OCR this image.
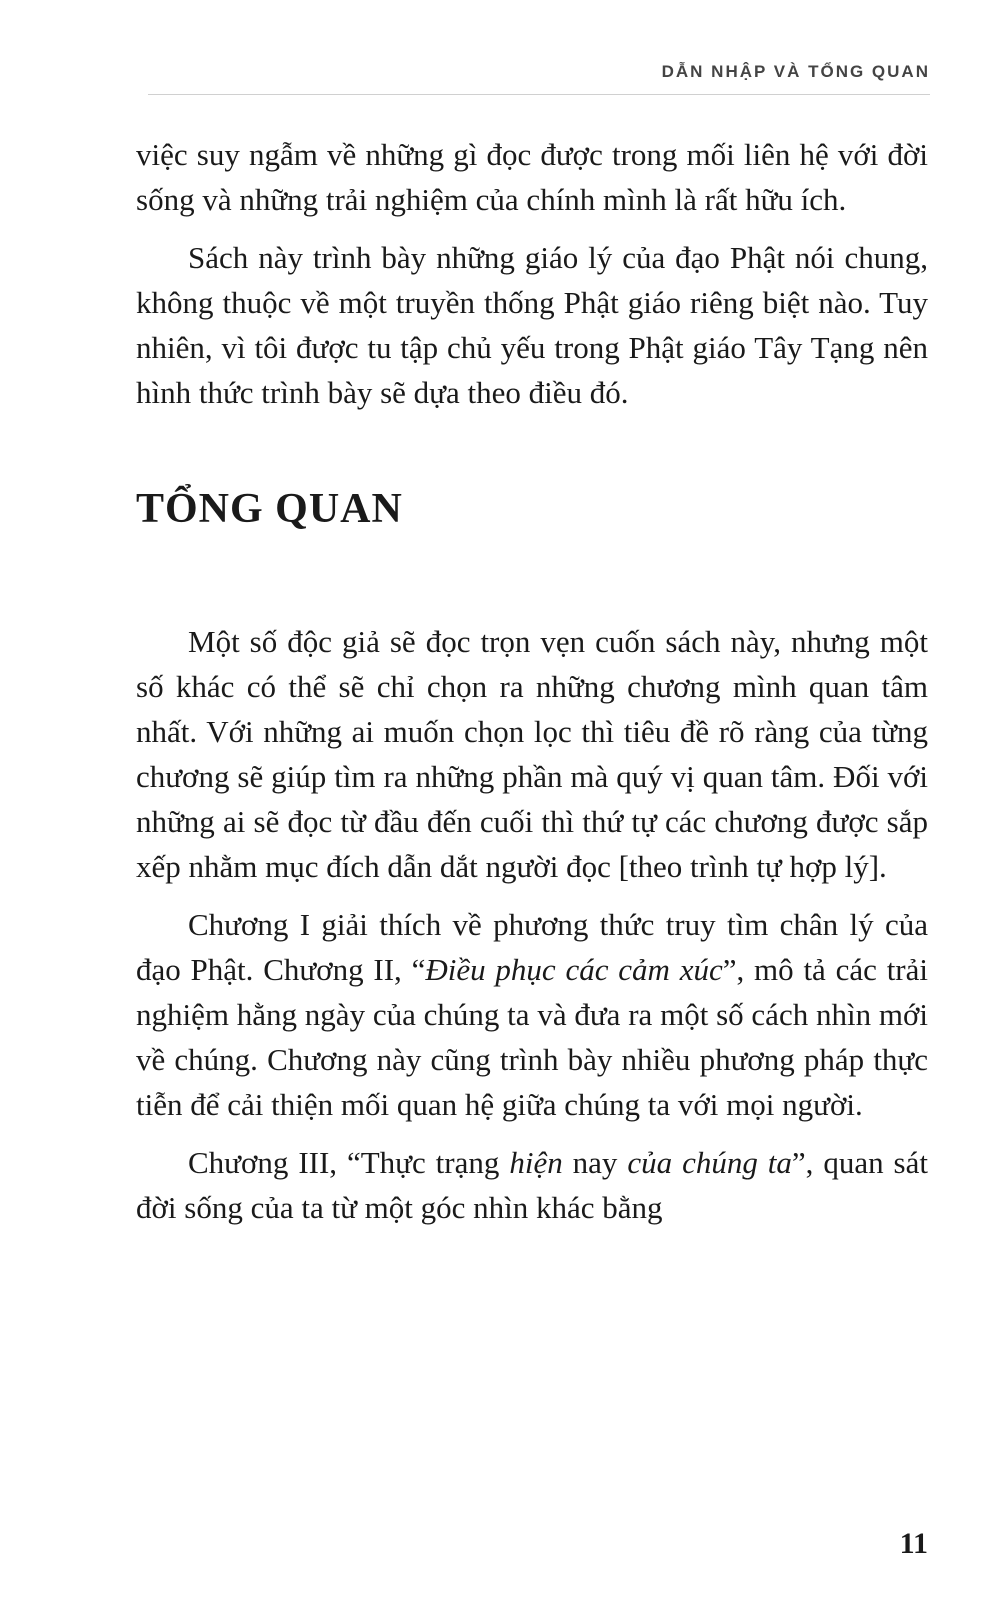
DẪN NHẬP VÀ TỔNG QUAN

việc suy ngẫm về những gì đọc được trong mối liên hệ với đời sống và những trải nghiệm của chính mình là rất hữu ích.

Sách này trình bày những giáo lý của đạo Phật nói chung, không thuộc về một truyền thống Phật giáo riêng biệt nào. Tuy nhiên, vì tôi được tu tập chủ yếu trong Phật giáo Tây Tạng nên hình thức trình bày sẽ dựa theo điều đó.

TỔNG QUAN

Một số độc giả sẽ đọc trọn vẹn cuốn sách này, nhưng một số khác có thể sẽ chỉ chọn ra những chương mình quan tâm nhất. Với những ai muốn chọn lọc thì tiêu đề rõ ràng của từng chương sẽ giúp tìm ra những phần mà quý vị quan tâm. Đối với những ai sẽ đọc từ đầu đến cuối thì thứ tự các chương được sắp xếp nhằm mục đích dẫn dắt người đọc [theo trình tự hợp lý].

Chương I giải thích về phương thức truy tìm chân lý của đạo Phật. Chương II, “Điều phục các cảm xúc”, mô tả các trải nghiệm hằng ngày của chúng ta và đưa ra một số cách nhìn mới về chúng. Chương này cũng trình bày nhiều phương pháp thực tiễn để cải thiện mối quan hệ giữa chúng ta với mọi người.

Chương III, “Thực trạng hiện nay của chúng ta”, quan sát đời sống của ta từ một góc nhìn khác bằng

11
